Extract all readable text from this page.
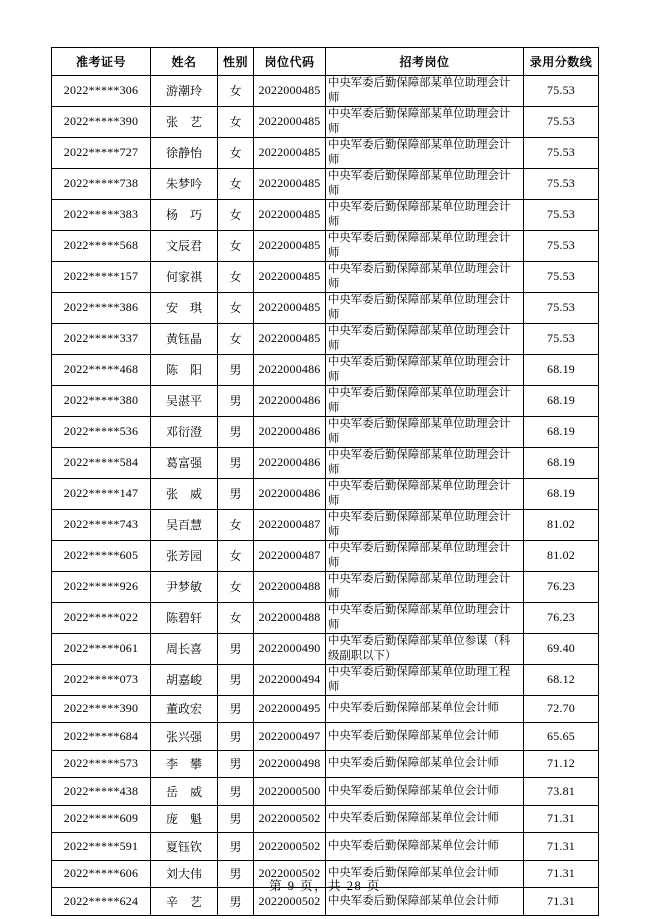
准考证号	姓名	性别	岗位代码	招考岗位	录用分数线
2022*****306	游潮玲	女	2022000485	中央军委后勤保障部某单位助理会计师	75.53
2022*****390	张　艺	女	2022000485	中央军委后勤保障部某单位助理会计师	75.53
2022*****727	徐静怡	女	2022000485	中央军委后勤保障部某单位助理会计师	75.53
2022*****738	朱梦吟	女	2022000485	中央军委后勤保障部某单位助理会计师	75.53
2022*****383	杨　巧	女	2022000485	中央军委后勤保障部某单位助理会计师	75.53
2022*****568	文辰君	女	2022000485	中央军委后勤保障部某单位助理会计师	75.53
2022*****157	何家祺	女	2022000485	中央军委后勤保障部某单位助理会计师	75.53
2022*****386	安　琪	女	2022000485	中央军委后勤保障部某单位助理会计师	75.53
2022*****337	黄钰晶	女	2022000485	中央军委后勤保障部某单位助理会计师	75.53
2022*****468	陈　阳	男	2022000486	中央军委后勤保障部某单位助理会计师	68.19
2022*****380	吴湛平	男	2022000486	中央军委后勤保障部某单位助理会计师	68.19
2022*****536	邓衍澄	男	2022000486	中央军委后勤保障部某单位助理会计师	68.19
2022*****584	葛富强	男	2022000486	中央军委后勤保障部某单位助理会计师	68.19
2022*****147	张　威	男	2022000486	中央军委后勤保障部某单位助理会计师	68.19
2022*****743	吴百慧	女	2022000487	中央军委后勤保障部某单位助理会计师	81.02
2022*****605	张芳园	女	2022000487	中央军委后勤保障部某单位助理会计师	81.02
2022*****926	尹梦敏	女	2022000488	中央军委后勤保障部某单位助理会计师	76.23
2022*****022	陈碧轩	女	2022000488	中央军委后勤保障部某单位助理会计师	76.23
2022*****061	周长喜	男	2022000490	中央军委后勤保障部某单位参谋（科级副职以下）	69.40
2022*****073	胡嘉峻	男	2022000494	中央军委后勤保障部某单位助理工程师	68.12
2022*****390	董政宏	男	2022000495	中央军委后勤保障部某单位会计师	72.70
2022*****684	张兴强	男	2022000497	中央军委后勤保障部某单位会计师	65.65
2022*****573	李　攀	男	2022000498	中央军委后勤保障部某单位会计师	71.12
2022*****438	岳　威	男	2022000500	中央军委后勤保障部某单位会计师	73.81
2022*****609	庞　魁	男	2022000502	中央军委后勤保障部某单位会计师	71.31
2022*****591	夏钰钦	男	2022000502	中央军委后勤保障部某单位会计师	71.31
2022*****606	刘大伟	男	2022000502	中央军委后勤保障部某单位会计师	71.31
2022*****624	辛　艺	男	2022000502	中央军委后勤保障部某单位会计师	71.31
第 9 页，共 28 页
